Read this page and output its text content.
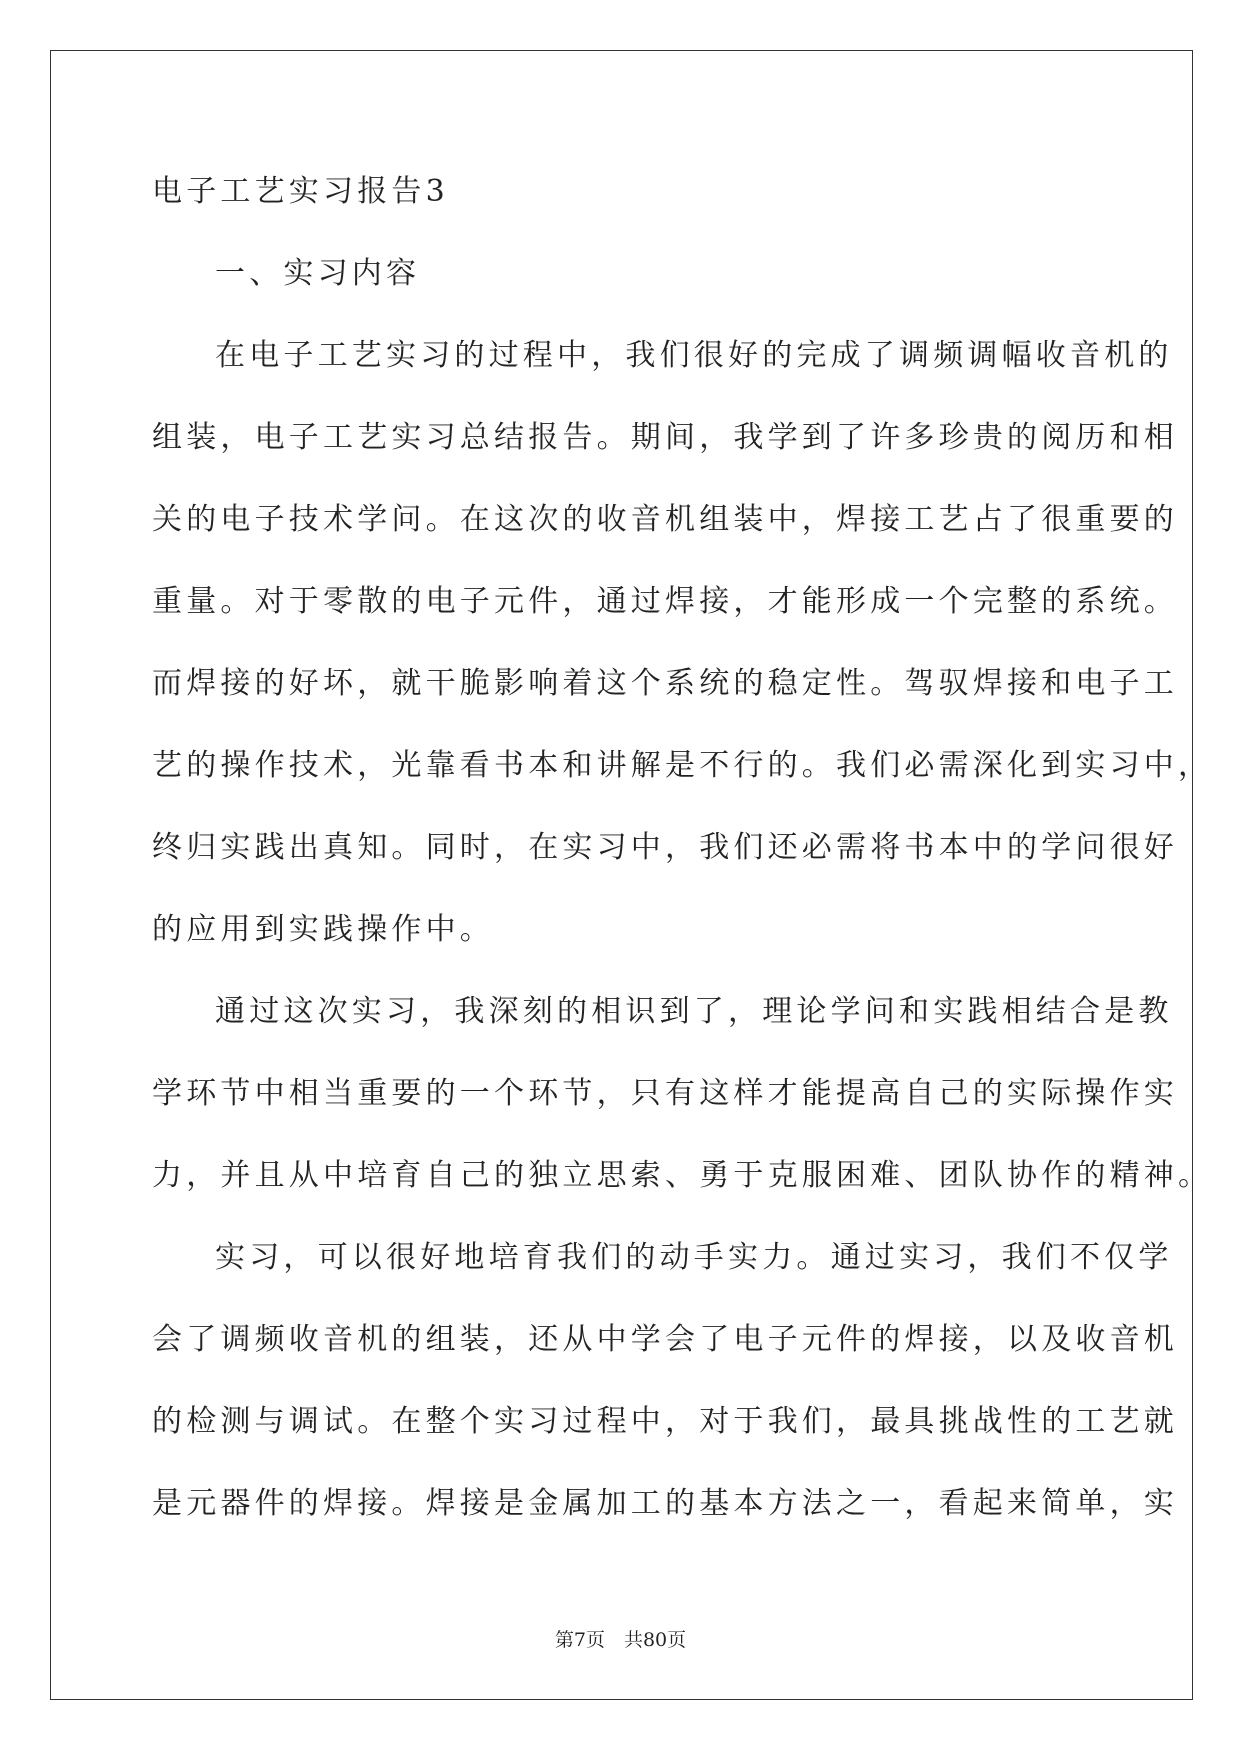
电子工艺实习报告3
一、实习内容
在电子工艺实习的过程中，我们很好的完成了调频调幅收音机的
组装，电子工艺实习总结报告。期间，我学到了许多珍贵的阅历和相
关的电子技术学问。在这次的收音机组装中，焊接工艺占了很重要的
重量。对于零散的电子元件，通过焊接，才能形成一个完整的系统。
而焊接的好坏，就干脆影响着这个系统的稳定性。驾驭焊接和电子工
艺的操作技术，光靠看书本和讲解是不行的。我们必需深化到实习中，
终归实践出真知。同时，在实习中，我们还必需将书本中的学问很好
的应用到实践操作中。
通过这次实习，我深刻的相识到了，理论学问和实践相结合是教
学环节中相当重要的一个环节，只有这样才能提高自己的实际操作实
力，并且从中培育自己的独立思索、勇于克服困难、团队协作的精神。
实习，可以很好地培育我们的动手实力。通过实习，我们不仅学
会了调频收音机的组装，还从中学会了电子元件的焊接，以及收音机
的检测与调试。在整个实习过程中，对于我们，最具挑战性的工艺就
是元器件的焊接。焊接是金属加工的基本方法之一，看起来简单，实
第7页　共80页
